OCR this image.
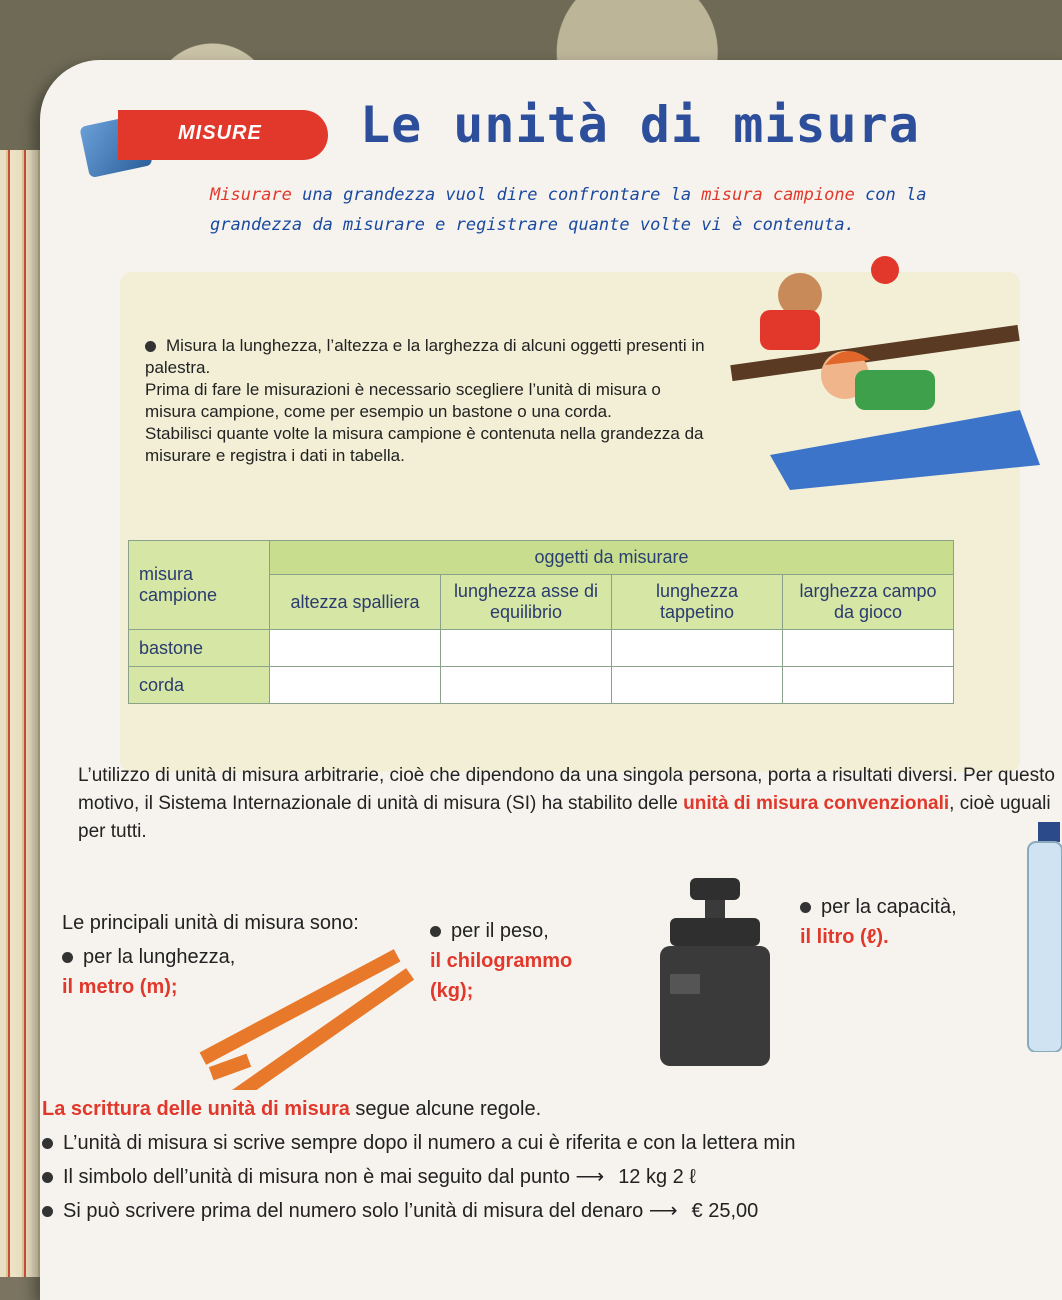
MISURE Le unità di misura
Misurare una grandezza vuol dire confrontare la misura campione con la grandezza da misurare e registrare quante volte vi è contenuta.
Misura la lunghezza, l’altezza e la larghezza di alcuni oggetti presenti in palestra.
Prima di fare le misurazioni è necessario scegliere l’unità di misura o misura campione, come per esempio un bastone o una corda.
Stabilisci quante volte la misura campione è contenuta nella grandezza da misurare e registra i dati in tabella.
misura campione	oggetti da misurare			
	altezza spalliera	lunghezza asse di equilibrio	lunghezza tappetino	larghezza campo da gioco
bastone				
corda				
L’utilizzo di unità di misura arbitrarie, cioè che dipendono da una singola persona, porta a risultati diversi. Per questo motivo, il Sistema Internazionale di unità di misura (SI) ha stabilito delle unità di misura convenzionali, cioè uguali per tutti.
Le principali unità di misura sono:
per la lunghezza,
il metro (m);
per il peso,
il chilogrammo
(kg);
per la capacità,
il litro (ℓ).
La scrittura delle unità di misura segue alcune regole.
L’unità di misura si scrive sempre dopo il numero a cui è riferita e con la lettera min
Il simbolo dell’unità di misura non è mai seguito dal punto ⟶ 12 kg 2 ℓ
Si può scrivere prima del numero solo l’unità di misura del denaro ⟶ € 25,00
